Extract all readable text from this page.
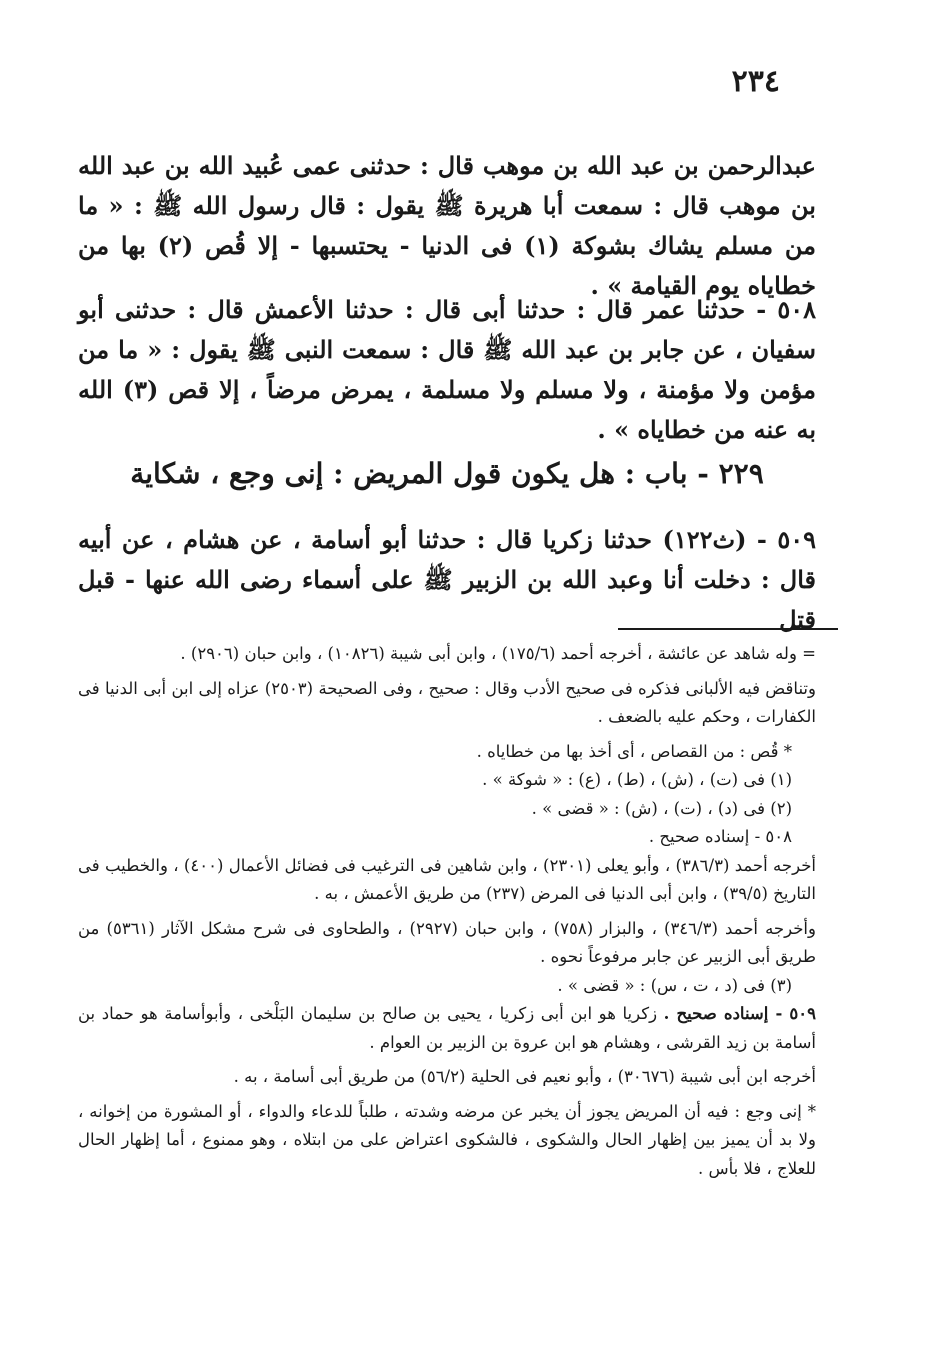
٢٣٤

عبدالرحمن بن عبد الله بن موهب قال : حدثنى عمى عُبيد الله بن عبد الله بن موهب قال : سمعت أبا هريرة ﷺ يقول : قال رسول الله ﷺ : « ما من مسلم يشاك بشوكة (١) فى الدنيا - يحتسبها - إلا قُص (٢) بها من خطاياه يوم القيامة » .

٥٠٨ - حدثنا عمر قال : حدثنا أبى قال : حدثنا الأعمش قال : حدثنى أبو سفيان ، عن جابر بن عبد الله ﷺ قال : سمعت النبى ﷺ يقول : « ما من مؤمن ولا مؤمنة ، ولا مسلم ولا مسلمة ، يمرض مرضاً ، إلا قص (٣) الله به عنه من خطاياه » .

٢٢٩ - باب : هل يكون قول المريض : إنى وجع ، شكاية

٥٠٩ - (ث١٢٢) حدثنا زكريا قال : حدثنا أبو أسامة ، عن هشام ، عن أبيه قال : دخلت أنا وعبد الله بن الزبير ﷺ على أسماء رضى الله عنها - قبل قتل

= وله شاهد عن عائشة ، أخرجه أحمد (١٧٥/٦) ، وابن أبى شيبة (١٠٨٢٦) ، وابن حبان (٢٩٠٦) .

وتناقض فيه الألبانى فذكره فى صحيح الأدب وقال : صحيح ، وفى الصحيحة (٢٥٠٣) عزاه إلى ابن أبى الدنيا فى الكفارات ، وحكم عليه بالضعف .

* قُص : من القصاص ، أى أخذ بها من خطاياه .

(١) فى (ت) ، (ش) ، (ط) ، (ع) : « شوكة » .

(٢) فى (د) ، (ت) ، (ش) : « قضى » .

٥٠٨ - إسناده صحيح .

أخرجه أحمد (٣٨٦/٣) ، وأبو يعلى (٢٣٠١) ، وابن شاهين فى الترغيب فى فضائل الأعمال (٤٠٠) ، والخطيب فى التاريخ (٣٩/٥) ، وابن أبى الدنيا فى المرض (٢٣٧) من طريق الأعمش ، به .

وأخرجه أحمد (٣٤٦/٣) ، والبزار (٧٥٨) ، وابن حبان (٢٩٢٧) ، والطحاوى فى شرح مشكل الآثار (٥٣٦١) من طريق أبى الزبير عن جابر مرفوعاً نحوه .

(٣) فى (د ، ت ، س) : « قضى » .

٥٠٩ - إسناده صحيح . زكريا هو ابن أبى زكريا ، يحيى بن صالح بن سليمان البَلْخى ، وأبوأسامة هو حماد بن أسامة بن زيد القرشى ، وهشام هو ابن عروة بن الزبير بن العوام .

أخرجه ابن أبى شيبة (٣٠٦٧٦) ، وأبو نعيم فى الحلية (٥٦/٢) من طريق أبى أسامة ، به .

* إنى وجع : فيه أن المريض يجوز أن يخبر عن مرضه وشدته ، طلباً للدعاء والدواء ، أو المشورة من إخوانه ، ولا بد أن يميز بين إظهار الحال والشكوى ، فالشكوى اعتراض على من ابتلاه ، وهو ممنوع ، أما إظهار الحال للعلاج ، فلا بأس .
